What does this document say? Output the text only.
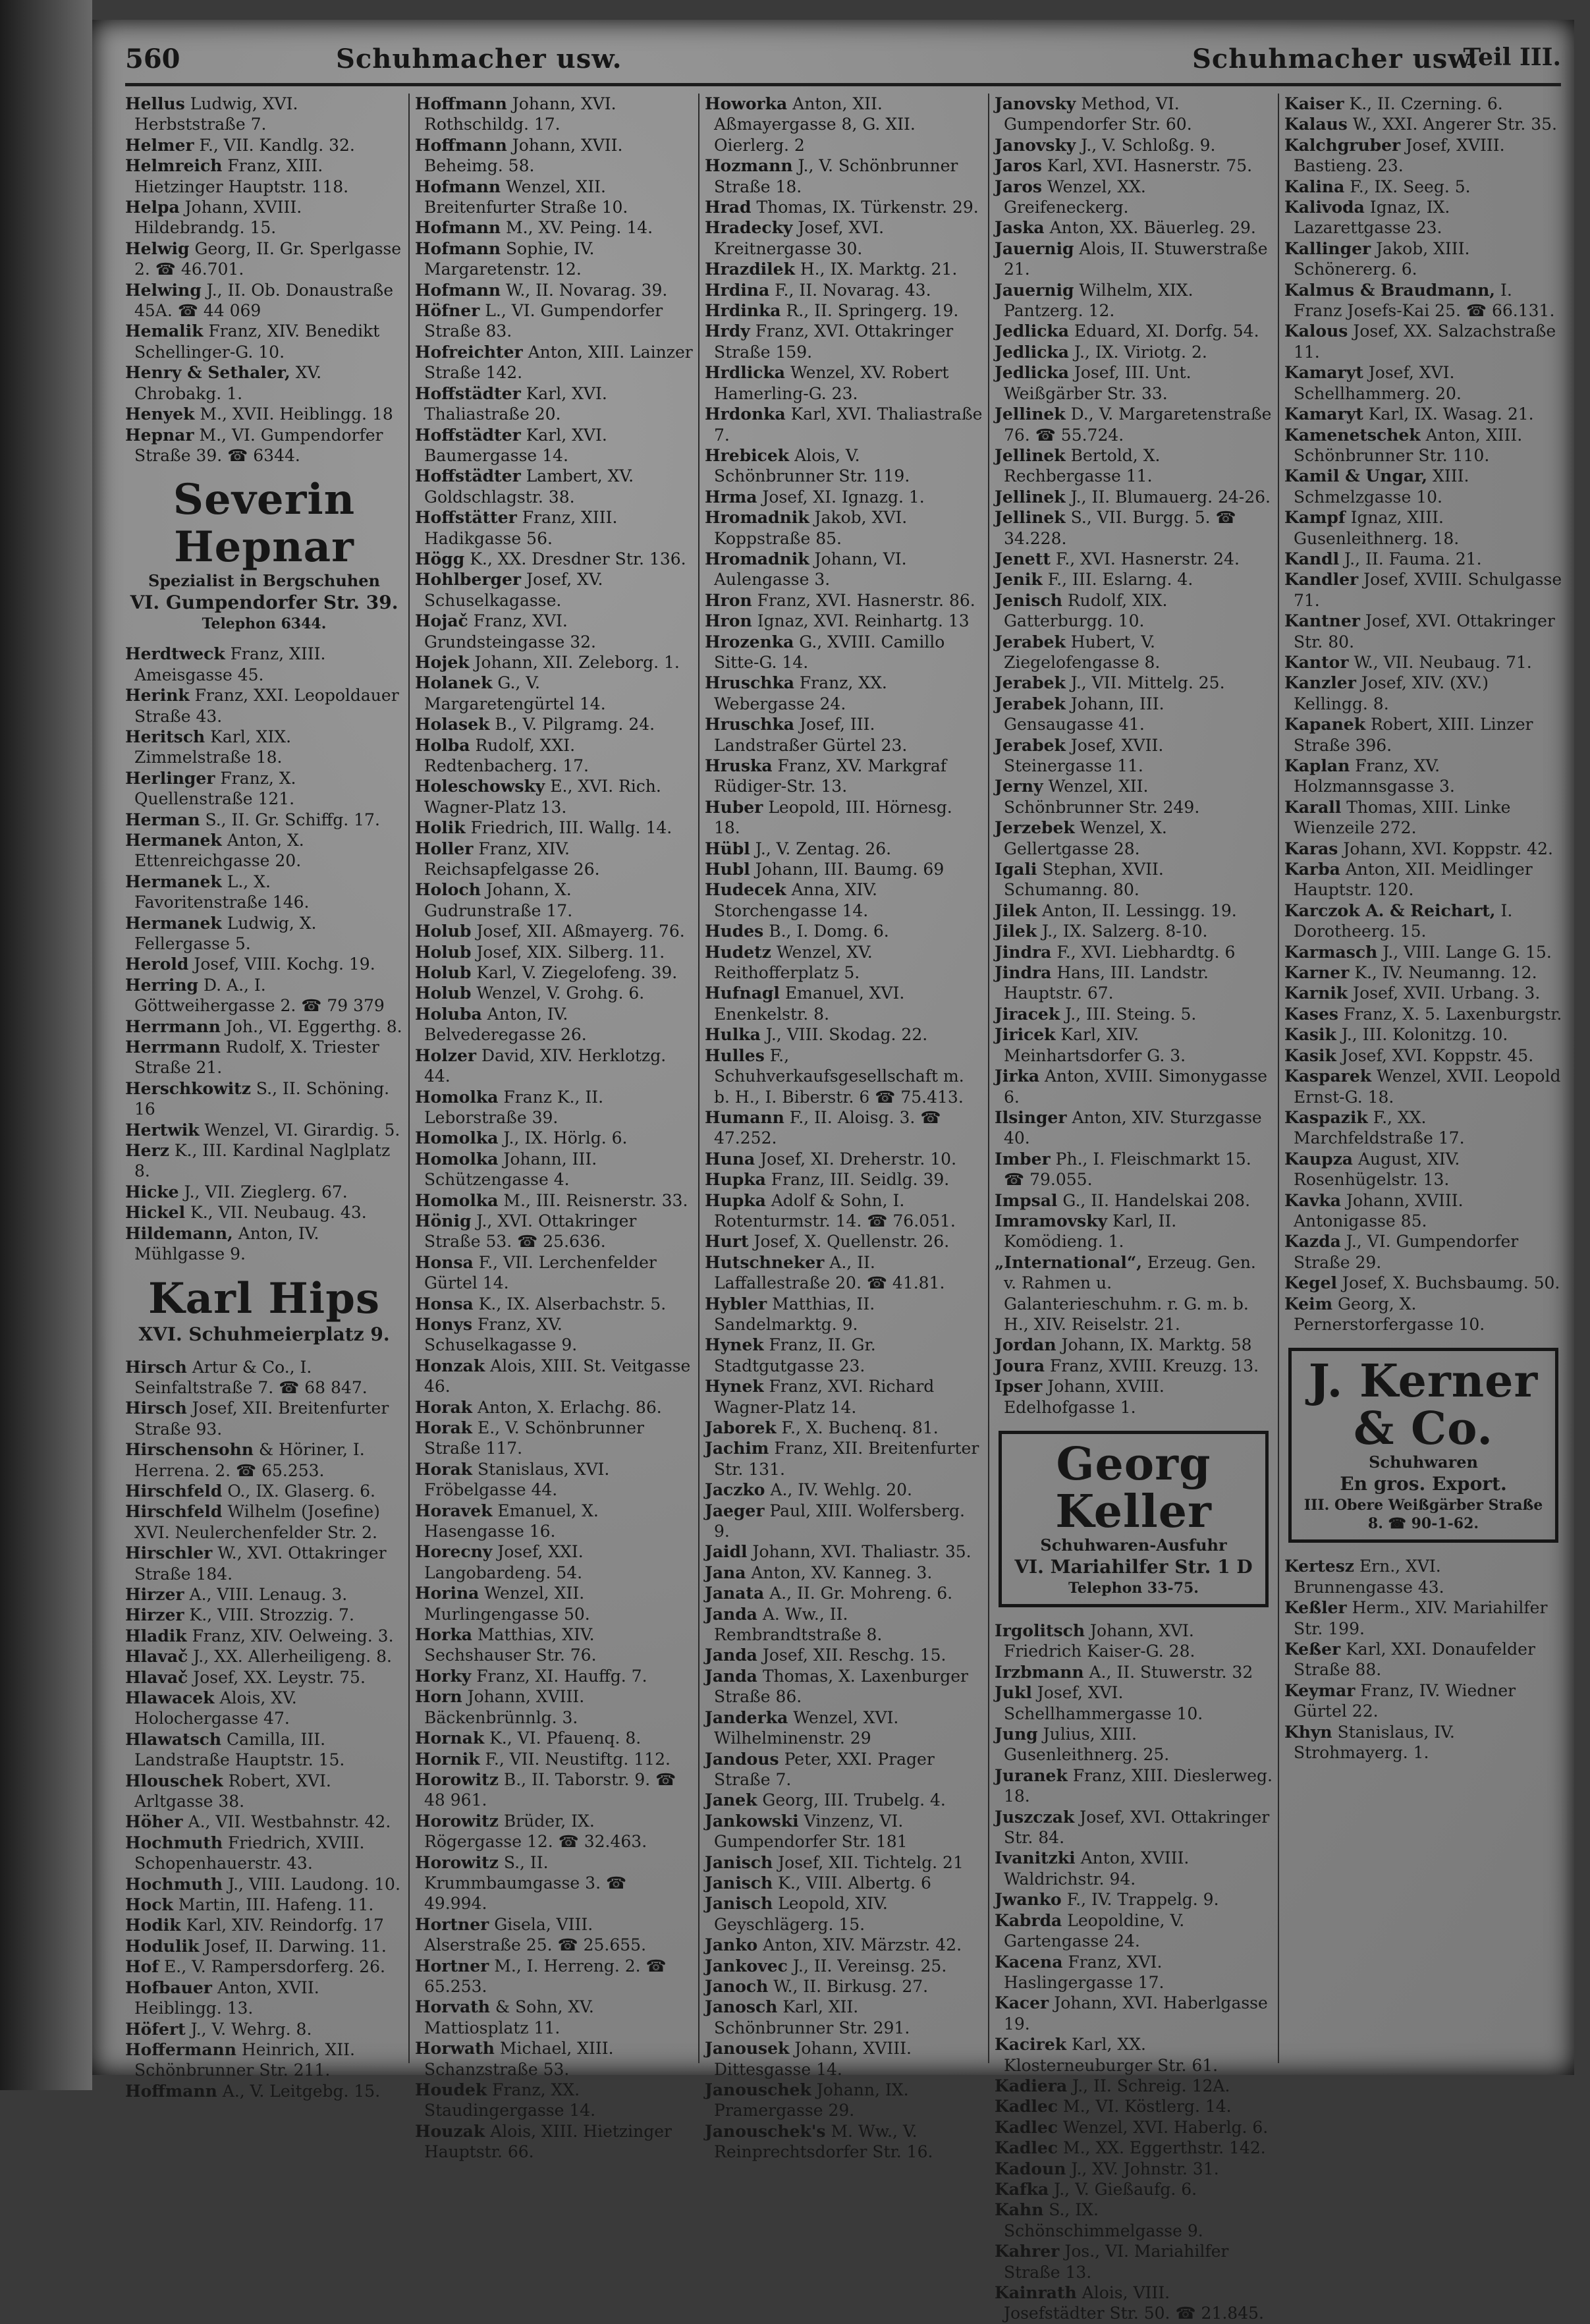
560	Schuhmacher usw.	Schuhmacher usw.
Teil III.

Hellus Ludwig, XVI. Herbststraße 7.

Helmer F., VII. Kandlg. 32.

Helmreich Franz, XIII. Hietzinger Hauptstr. 118.

Helpa Johann, XVIII. Hildebrandg. 15.

Helwig Georg, II. Gr. Sperlgasse 2. ☎ 46.701.

Helwing J., II. Ob. Donaustraße 45A. ☎ 44 069

Hemalik Franz, XIV. Benedikt Schellinger-G. 10.

Henry & Sethaler, XV. Chrobakg. 1.

Henyek M., XVII. Heiblingg. 18

Hepnar M., VI. Gumpendorfer Straße 39. ☎ 6344.

Severin Hepnar
Spezialist in Bergschuhen
VI. Gumpendorfer Str. 39.
Telephon 6344.

Herdtweck Franz, XIII. Ameisgasse 45.

Herink Franz, XXI. Leopoldauer Straße 43.

Heritsch Karl, XIX. Zimmelstraße 18.

Herlinger Franz, X. Quellenstraße 121.

Herman S., II. Gr. Schiffg. 17.

Hermanek Anton, X. Ettenreichgasse 20.

Hermanek L., X. Favoritenstraße 146.

Hermanek Ludwig, X. Fellergasse 5.

Herold Josef, VIII. Kochg. 19.

Herring D. A., I. Göttweihergasse 2. ☎ 79 379

Herrmann Joh., VI. Eggerthg. 8.

Herrmann Rudolf, X. Triester Straße 21.

Herschkowitz S., II. Schöning. 16

Hertwik Wenzel, VI. Girardig. 5.

Herz K., III. Kardinal Naglplatz 8.

Hicke J., VII. Zieglerg. 67.

Hickel K., VII. Neubaug. 43.

Hildemann, Anton, IV. Mühlgasse 9.

Karl Hips
XVI. Schuhmeierplatz 9.

Hirsch Artur & Co., I. Seinfaltstraße 7. ☎ 68 847.

Hirsch Josef, XII. Breitenfurter Straße 93.

Hirschensohn & Höriner, I. Herrena. 2. ☎ 65.253.

Hirschfeld O., IX. Glaserg. 6.

Hirschfeld Wilhelm (Josefine) XVI. Neulerchenfelder Str. 2.

Hirschler W., XVI. Ottakringer Straße 184.

Hirzer A., VIII. Lenaug. 3.

Hirzer K., VIII. Strozzig. 7.

Hladik Franz, XIV. Oelweing. 3.

Hlavač J., XX. Allerheiligeng. 8.

Hlavač Josef, XX. Leystr. 75.

Hlawacek Alois, XV. Holochergasse 47.

Hlawatsch Camilla, III. Landstraße Hauptstr. 15.

Hlouschek Robert, XVI. Arltgasse 38.

Höher A., VII. Westbahnstr. 42.

Hochmuth Friedrich, XVIII. Schopenhauerstr. 43.

Hochmuth J., VIII. Laudong. 10.

Hock Martin, III. Hafeng. 11.

Hodik Karl, XIV. Reindorfg. 17

Hodulik Josef, II. Darwing. 11.

Hof E., V. Rampersdorferg. 26.

Hofbauer Anton, XVII. Heiblingg. 13.

Höfert J., V. Wehrg. 8.

Hoffermann Heinrich, XII. Schönbrunner Str. 211.

Hoffmann A., V. Leitgebg. 15.

Hoffmann Johann, XVI. Rothschildg. 17.

Hoffmann Johann, XVII. Beheimg. 58.

Hofmann Wenzel, XII. Breitenfurter Straße 10.

Hofmann M., XV. Peing. 14.

Hofmann Sophie, IV. Margaretenstr. 12.

Hofmann W., II. Novarag. 39.

Höfner L., VI. Gumpendorfer Straße 83.

Hofreichter Anton, XIII. Lainzer Straße 142.

Hoffstädter Karl, XVI. Thaliastraße 20.

Hoffstädter Karl, XVI. Baumergasse 14.

Hoffstädter Lambert, XV. Goldschlagstr. 38.

Hoffstätter Franz, XIII. Hadikgasse 56.

Högg K., XX. Dresdner Str. 136.

Hohlberger Josef, XV. Schuselkagasse.

Hojač Franz, XVI. Grundsteingasse 32.

Hojek Johann, XII. Zeleborg. 1.

Holanek G., V. Margaretengürtel 14.

Holasek B., V. Pilgramg. 24.

Holba Rudolf, XXI. Redtenbacherg. 17.

Holeschowsky E., XVI. Rich. Wagner-Platz 13.

Holik Friedrich, III. Wallg. 14.

Holler Franz, XIV. Reichsapfelgasse 26.

Holoch Johann, X. Gudrunstraße 17.

Holub Josef, XII. Aßmayerg. 76.

Holub Josef, XIX. Silberg. 11.

Holub Karl, V. Ziegelofeng. 39.

Holub Wenzel, V. Grohg. 6.

Holuba Anton, IV. Belvederegasse 26.

Holzer David, XIV. Herklotzg. 44.

Homolka Franz K., II. Leborstraße 39.

Homolka J., IX. Hörlg. 6.

Homolka Johann, III. Schützengasse 4.

Homolka M., III. Reisnerstr. 33.

Hönig J., XVI. Ottakringer Straße 53. ☎ 25.636.

Honsa F., VII. Lerchenfelder Gürtel 14.

Honsa K., IX. Alserbachstr. 5.

Honys Franz, XV. Schuselkagasse 9.

Honzak Alois, XIII. St. Veitgasse 46.

Horak Anton, X. Erlachg. 86.

Horak E., V. Schönbrunner Straße 117.

Horak Stanislaus, XVI. Fröbelgasse 44.

Horavek Emanuel, X. Hasengasse 16.

Horecny Josef, XXI. Langobardeng. 54.

Horina Wenzel, XII. Murlingengasse 50.

Horka Matthias, XIV. Sechshauser Str. 76.

Horky Franz, XI. Hauffg. 7.

Horn Johann, XVIII. Bäckenbrünnlg. 3.

Hornak K., VI. Pfauenq. 8.

Hornik F., VII. Neustiftg. 112.

Horowitz B., II. Taborstr. 9. ☎ 48 961.

Horowitz Brüder, IX. Rögergasse 12. ☎ 32.463.

Horowitz S., II. Krummbaumgasse 3. ☎ 49.994.

Hortner Gisela, VIII. Alserstraße 25. ☎ 25.655.

Hortner M., I. Herreng. 2. ☎ 65.253.

Horvath & Sohn, XV. Mattiosplatz 11.

Horwath Michael, XIII. Schanzstraße 53.

Houdek Franz, XX. Staudingergasse 14.

Houzak Alois, XIII. Hietzinger Hauptstr. 66.

Howorka Anton, XII. Aßmayergasse 8, G. XII. Oierlerg. 2

Hozmann J., V. Schönbrunner Straße 18.

Hrad Thomas, IX. Türkenstr. 29.

Hradecky Josef, XVI. Kreitnergasse 30.

Hrazdilek H., IX. Marktg. 21.

Hrdina F., II. Novarag. 43.

Hrdinka R., II. Springerg. 19.

Hrdy Franz, XVI. Ottakringer Straße 159.

Hrdlicka Wenzel, XV. Robert Hamerling-G. 23.

Hrdonka Karl, XVI. Thaliastraße 7.

Hrebicek Alois, V. Schönbrunner Str. 119.

Hrma Josef, XI. Ignazg. 1.

Hromadnik Jakob, XVI. Koppstraße 85.

Hromadnik Johann, VI. Aulengasse 3.

Hron Franz, XVI. Hasnerstr. 86.

Hron Ignaz, XVI. Reinhartg. 13

Hrozenka G., XVIII. Camillo Sitte-G. 14.

Hruschka Franz, XX. Webergasse 24.

Hruschka Josef, III. Landstraßer Gürtel 23.

Hruska Franz, XV. Markgraf Rüdiger-Str. 13.

Huber Leopold, III. Hörnesg. 18.

Hübl J., V. Zentag. 26.

Hubl Johann, III. Baumg. 69

Hudecek Anna, XIV. Storchengasse 14.

Hudes B., I. Domg. 6.

Hudetz Wenzel, XV. Reithofferplatz 5.

Hufnagl Emanuel, XVI. Enenkelstr. 8.

Hulka J., VIII. Skodag. 22.

Hulles F., Schuhverkaufsgesellschaft m. b. H., I. Biberstr. 6 ☎ 75.413.

Humann F., II. Aloisg. 3. ☎ 47.252.

Huna Josef, XI. Dreherstr. 10.

Hupka Franz, III. Seidlg. 39.

Hupka Adolf & Sohn, I. Rotenturmstr. 14. ☎ 76.051.

Hurt Josef, X. Quellenstr. 26.

Hutschneker A., II. Laffallestraße 20. ☎ 41.81.

Hybler Matthias, II. Sandelmarktg. 9.

Hynek Franz, II. Gr. Stadtgutgasse 23.

Hynek Franz, XVI. Richard Wagner-Platz 14.

Jaborek F., X. Buchenq. 81.

Jachim Franz, XII. Breitenfurter Str. 131.

Jaczko A., IV. Wehlg. 20.

Jaeger Paul, XIII. Wolfersberg. 9.

Jaidl Johann, XVI. Thaliastr. 35.

Jana Anton, XV. Kanneg. 3.

Janata A., II. Gr. Mohreng. 6.

Janda A. Ww., II. Rembrandtstraße 8.

Janda Josef, XII. Reschg. 15.

Janda Thomas, X. Laxenburger Straße 86.

Janderka Wenzel, XVI. Wilhelminenstr. 29

Jandous Peter, XXI. Prager Straße 7.

Janek Georg, III. Trubelg. 4.

Jankowski Vinzenz, VI. Gumpendorfer Str. 181

Janisch Josef, XII. Tichtelg. 21

Janisch K., VIII. Albertg. 6

Janisch Leopold, XIV. Geyschlägerg. 15.

Janko Anton, XIV. Märzstr. 42.

Jankovec J., II. Vereinsg. 25.

Janoch W., II. Birkusg. 27.

Janosch Karl, XII. Schönbrunner Str. 291.

Janousek Johann, XVIII. Dittesgasse 14.

Janouschek Johann, IX. Pramergasse 29.

Janouschek's M. Ww., V. Reinprechtsdorfer Str. 16.

Janovsky Method, VI. Gumpendorfer Str. 60.

Janovsky J., V. Schloßg. 9.

Jaros Karl, XVI. Hasnerstr. 75.

Jaros Wenzel, XX. Greifeneckerg.

Jaska Anton, XX. Bäuerleg. 29.

Jauernig Alois, II. Stuwerstraße 21.

Jauernig Wilhelm, XIX. Pantzerg. 12.

Jedlicka Eduard, XI. Dorfg. 54.

Jedlicka J., IX. Viriotg. 2.

Jedlicka Josef, III. Unt. Weißgärber Str. 33.

Jellinek D., V. Margaretenstraße 76. ☎ 55.724.

Jellinek Bertold, X. Rechbergasse 11.

Jellinek J., II. Blumauerg. 24-26.

Jellinek S., VII. Burgg. 5. ☎ 34.228.

Jenett F., XVI. Hasnerstr. 24.

Jenik F., III. Eslarng. 4.

Jenisch Rudolf, XIX. Gatterburgg. 10.

Jerabek Hubert, V. Ziegelofengasse 8.

Jerabek J., VII. Mittelg. 25.

Jerabek Johann, III. Gensaugasse 41.

Jerabek Josef, XVII. Steinergasse 11.

Jerny Wenzel, XII. Schönbrunner Str. 249.

Jerzebek Wenzel, X. Gellertgasse 28.

Igali Stephan, XVII. Schumanng. 80.

Jilek Anton, II. Lessingg. 19.

Jilek J., IX. Salzerg. 8-10.

Jindra F., XVI. Liebhardtg. 6

Jindra Hans, III. Landstr. Hauptstr. 67.

Jiracek J., III. Steing. 5.

Jiricek Karl, XIV. Meinhartsdorfer G. 3.

Jirka Anton, XVIII. Simonygasse 6.

Ilsinger Anton, XIV. Sturzgasse 40.

Imber Ph., I. Fleischmarkt 15. ☎ 79.055.

Impsal G., II. Handelskai 208.

Imramovsky Karl, II. Komödieng. 1.

„International“, Erzeug. Gen. v. Rahmen u. Galanterieschuhm. r. G. m. b. H., XIV. Reiselstr. 21.

Jordan Johann, IX. Marktg. 58

Joura Franz, XVIII. Kreuzg. 13.

Ipser Johann, XVIII. Edelhofgasse 1.

Georg Keller
Schuhwaren-Ausfuhr
VI. Mariahilfer Str. 1 D
Telephon 33-75.

Irgolitsch Johann, XVI. Friedrich Kaiser-G. 28.

Irzbmann A., II. Stuwerstr. 32

Jukl Josef, XVI. Schellhammergasse 10.

Jung Julius, XIII. Gusenleithnerg. 25.

Juranek Franz, XIII. Dieslerweg. 18.

Juszczak Josef, XVI. Ottakringer Str. 84.

Ivanitzki Anton, XVIII. Waldrichstr. 94.

Jwanko F., IV. Trappelg. 9.

Kabrda Leopoldine, V. Gartengasse 24.

Kacena Franz, XVI. Haslingergasse 17.

Kacer Johann, XVI. Haberlgasse 19.

Kacirek Karl, XX. Klosterneuburger Str. 61.

Kadiera J., II. Schreig. 12A.

Kadlec M., VI. Köstlerg. 14.

Kadlec Wenzel, XVI. Haberlg. 6.

Kadlec M., XX. Eggerthstr. 142.

Kadoun J., XV. Johnstr. 31.

Kafka J., V. Gießaufg. 6.

Kahn S., IX. Schönschimmelgasse 9.

Kahrer Jos., VI. Mariahilfer Straße 13.

Kainrath Alois, VIII. Josefstädter Str. 50. ☎ 21.845.

Kaiser K., II. Czerning. 6.

Kalaus W., XXI. Angerer Str. 35.

Kalchgruber Josef, XVIII. Bastieng. 23.

Kalina F., IX. Seeg. 5.

Kalivoda Ignaz, IX. Lazarettgasse 23.

Kallinger Jakob, XIII. Schönererg. 6.

Kalmus & Braudmann, I. Franz Josefs-Kai 25. ☎ 66.131.

Kalous Josef, XX. Salzachstraße 11.

Kamaryt Josef, XVI. Schellhammerg. 20.

Kamaryt Karl, IX. Wasag. 21.

Kamenetschek Anton, XIII. Schönbrunner Str. 110.

Kamil & Ungar, XIII. Schmelzgasse 10.

Kampf Ignaz, XIII. Gusenleithnerg. 18.

Kandl J., II. Fauma. 21.

Kandler Josef, XVIII. Schulgasse 71.

Kantner Josef, XVI. Ottakringer Str. 80.

Kantor W., VII. Neubaug. 71.

Kanzler Josef, XIV. (XV.) Kellingg. 8.

Kapanek Robert, XIII. Linzer Straße 396.

Kaplan Franz, XV. Holzmannsgasse 3.

Karall Thomas, XIII. Linke Wienzeile 272.

Karas Johann, XVI. Koppstr. 42.

Karba Anton, XII. Meidlinger Hauptstr. 120.

Karczok A. & Reichart, I. Dorotheerg. 15.

Karmasch J., VIII. Lange G. 15.

Karner K., IV. Neumanng. 12.

Karnik Josef, XVII. Urbang. 3.

Kases Franz, X. 5. Laxenburgstr.

Kasik J., III. Kolonitzg. 10.

Kasik Josef, XVI. Koppstr. 45.

Kasparek Wenzel, XVII. Leopold Ernst-G. 18.

Kaspazik F., XX. Marchfeldstraße 17.

Kaupza August, XIV. Rosenhügelstr. 13.

Kavka Johann, XVIII. Antonigasse 85.

Kazda J., VI. Gumpendorfer Straße 29.

Kegel Josef, X. Buchsbaumg. 50.

Keim Georg, X. Pernerstorfergasse 10.

J. Kerner & Co.
Schuhwaren
En gros. Export.
III. Obere Weißgärber Straße 8. ☎ 90-1-62.

Kertesz Ern., XVI. Brunnengasse 43.

Keßler Herm., XIV. Mariahilfer Str. 199.

Keßer Karl, XXI. Donaufelder Straße 88.

Keymar Franz, IV. Wiedner Gürtel 22.

Khyn Stanislaus, IV. Strohmayerg. 1.
